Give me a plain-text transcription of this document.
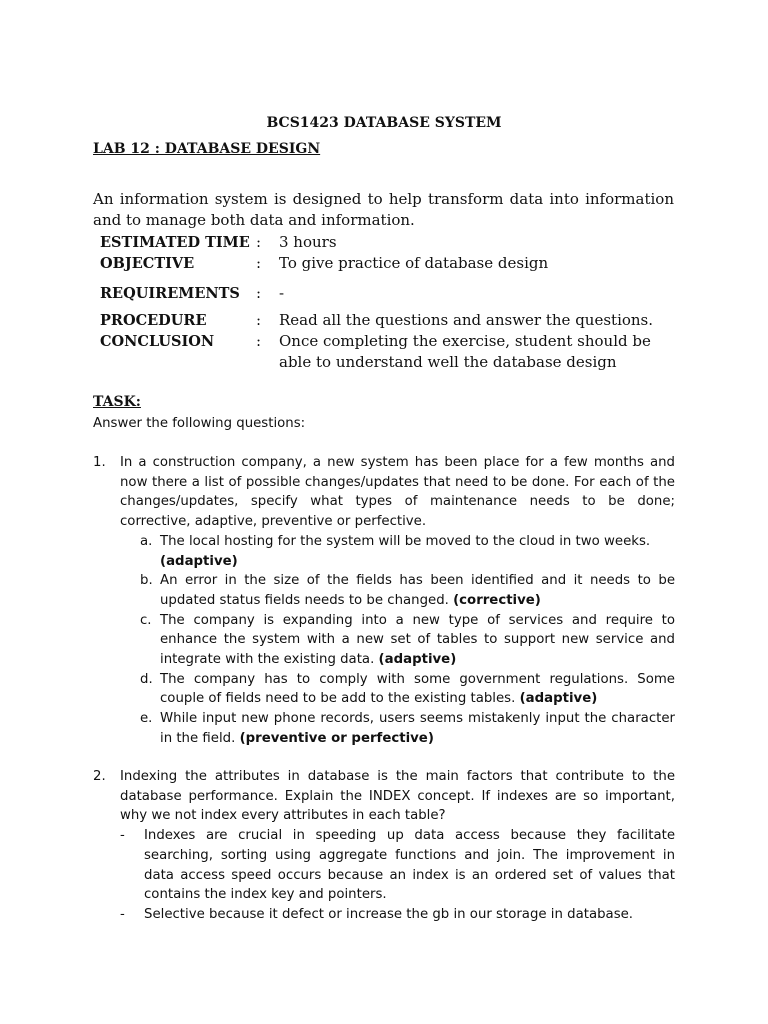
BCS1423 DATABASE SYSTEM
LAB 12 : DATABASE DESIGN
An information system is designed to help transform data into information and to manage both data and information.
ESTIMATED TIME : 3 hours
OBJECTIVE	: To give practice of database design
REQUIREMENTS : -
PROCEDURE	: Read all the questions and answer the questions.
CONCLUSION	: Once completing the exercise, student should be able to understand well the database design
TASK:
Answer the following questions:
1. In a construction company, a new system has been place for a few months and now there a list of possible changes/updates that need to be done. For each of the changes/updates, specify what types of maintenance needs to be done; corrective, adaptive, preventive or perfective.
a. The local hosting for the system will be moved to the cloud in two weeks.
(adaptive)
b. An error in the size of the fields has been identified and it needs to be updated status fields needs to be changed. (corrective)
c. The company is expanding into a new type of services and require to enhance the system with a new set of tables to support new service and integrate with the existing data. (adaptive)
d. The company has to comply with some government regulations. Some couple of fields need to be add to the existing tables. (adaptive)
e. While input new phone records, users seems mistakenly input the character in the field. (preventive or perfective)
2. Indexing the attributes in database is the main factors that contribute to the database performance. Explain the INDEX concept. If indexes are so important, why we not index every attributes in each table?
- Indexes are crucial in speeding up data access because they facilitate searching, sorting using aggregate functions and join. The improvement in data access speed occurs because an index is an ordered set of values that contains the index key and pointers.
- Selective because it defect or increase the gb in our storage in database.
